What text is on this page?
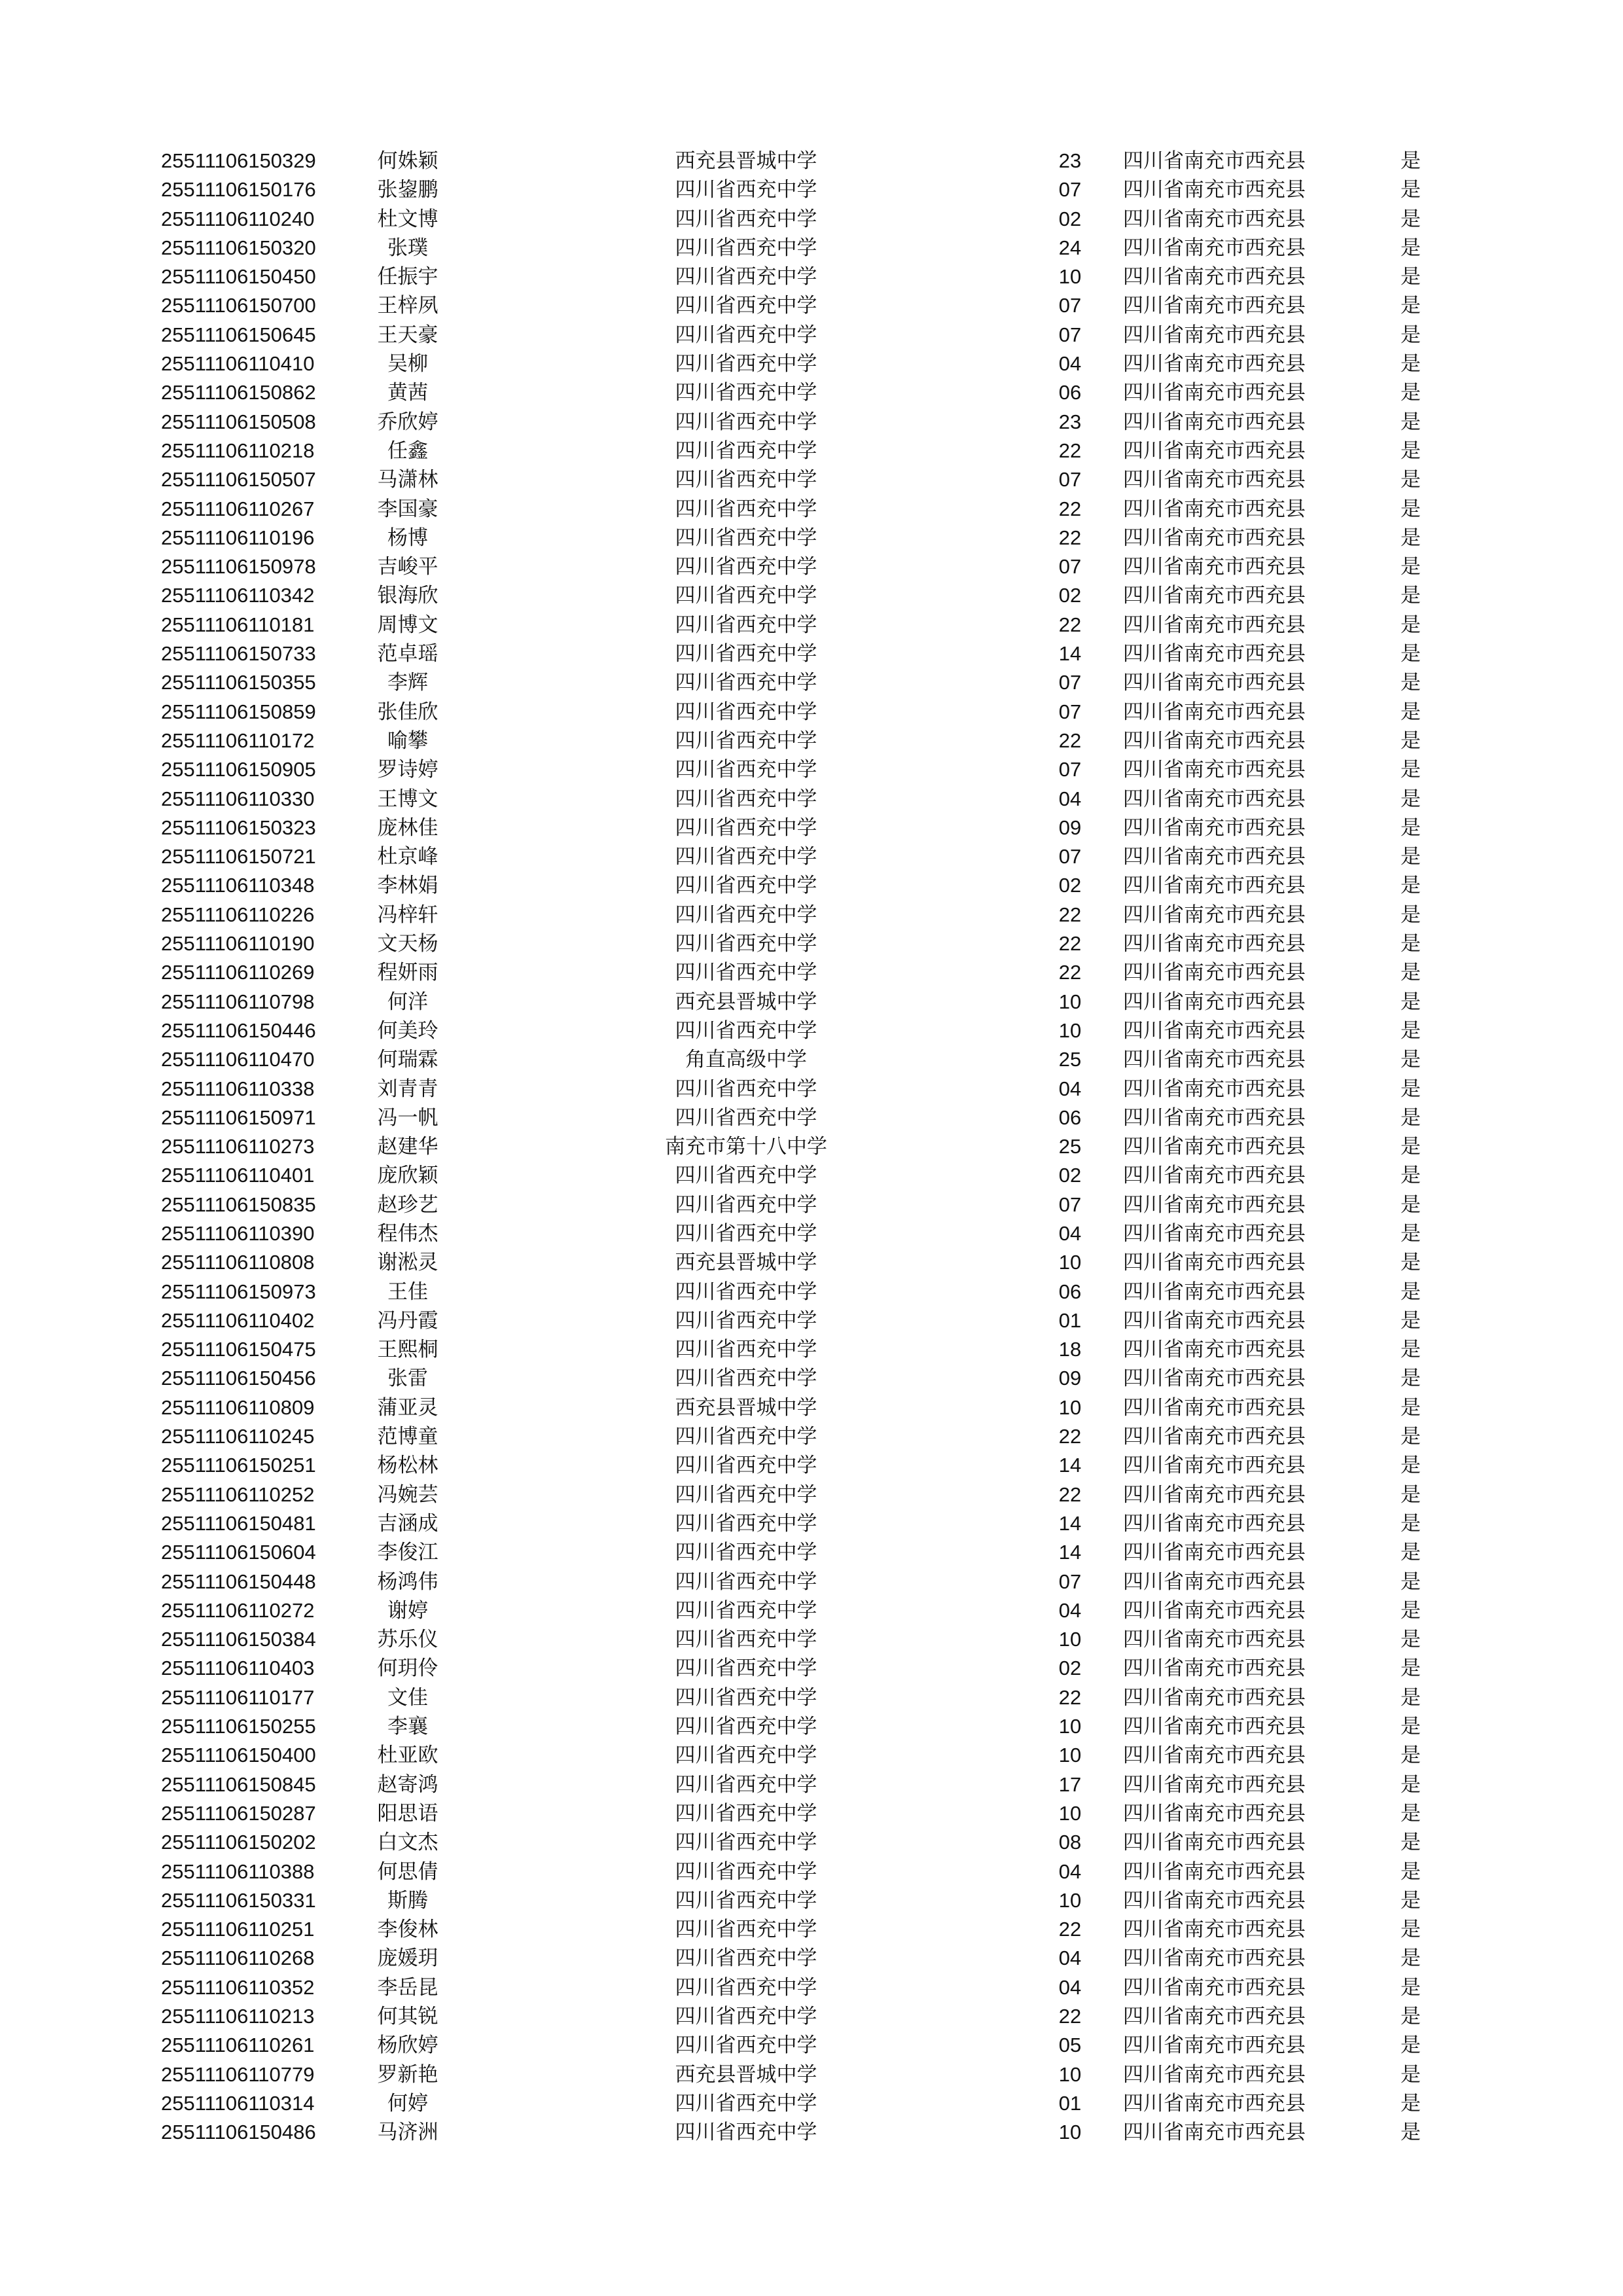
25511106150329	何姝颖	西充县晋城中学	23	四川省南充市西充县	是
25511106150176	张鋆鹏	四川省西充中学	07	四川省南充市西充县	是
25511106110240	杜文博	四川省西充中学	02	四川省南充市西充县	是
25511106150320	张璞	四川省西充中学	24	四川省南充市西充县	是
25511106150450	任振宇	四川省西充中学	10	四川省南充市西充县	是
25511106150700	王梓夙	四川省西充中学	07	四川省南充市西充县	是
25511106150645	王天豪	四川省西充中学	07	四川省南充市西充县	是
25511106110410	吴柳	四川省西充中学	04	四川省南充市西充县	是
25511106150862	黄茜	四川省西充中学	06	四川省南充市西充县	是
25511106150508	乔欣婷	四川省西充中学	23	四川省南充市西充县	是
25511106110218	任鑫	四川省西充中学	22	四川省南充市西充县	是
25511106150507	马潇林	四川省西充中学	07	四川省南充市西充县	是
25511106110267	李国豪	四川省西充中学	22	四川省南充市西充县	是
25511106110196	杨博	四川省西充中学	22	四川省南充市西充县	是
25511106150978	吉峻平	四川省西充中学	07	四川省南充市西充县	是
25511106110342	银海欣	四川省西充中学	02	四川省南充市西充县	是
25511106110181	周博文	四川省西充中学	22	四川省南充市西充县	是
25511106150733	范卓瑶	四川省西充中学	14	四川省南充市西充县	是
25511106150355	李辉	四川省西充中学	07	四川省南充市西充县	是
25511106150859	张佳欣	四川省西充中学	07	四川省南充市西充县	是
25511106110172	喻攀	四川省西充中学	22	四川省南充市西充县	是
25511106150905	罗诗婷	四川省西充中学	07	四川省南充市西充县	是
25511106110330	王博文	四川省西充中学	04	四川省南充市西充县	是
25511106150323	庞林佳	四川省西充中学	09	四川省南充市西充县	是
25511106150721	杜京峰	四川省西充中学	07	四川省南充市西充县	是
25511106110348	李林娟	四川省西充中学	02	四川省南充市西充县	是
25511106110226	冯梓轩	四川省西充中学	22	四川省南充市西充县	是
25511106110190	文天杨	四川省西充中学	22	四川省南充市西充县	是
25511106110269	程妍雨	四川省西充中学	22	四川省南充市西充县	是
25511106110798	何洋	西充县晋城中学	10	四川省南充市西充县	是
25511106150446	何美玲	四川省西充中学	10	四川省南充市西充县	是
25511106110470	何瑞霖	角直高级中学	25	四川省南充市西充县	是
25511106110338	刘青青	四川省西充中学	04	四川省南充市西充县	是
25511106150971	冯一帆	四川省西充中学	06	四川省南充市西充县	是
25511106110273	赵建华	南充市第十八中学	25	四川省南充市西充县	是
25511106110401	庞欣颖	四川省西充中学	02	四川省南充市西充县	是
25511106150835	赵珍艺	四川省西充中学	07	四川省南充市西充县	是
25511106110390	程伟杰	四川省西充中学	04	四川省南充市西充县	是
25511106110808	谢淞灵	西充县晋城中学	10	四川省南充市西充县	是
25511106150973	王佳	四川省西充中学	06	四川省南充市西充县	是
25511106110402	冯丹霞	四川省西充中学	01	四川省南充市西充县	是
25511106150475	王熙桐	四川省西充中学	18	四川省南充市西充县	是
25511106150456	张雷	四川省西充中学	09	四川省南充市西充县	是
25511106110809	蒲亚灵	西充县晋城中学	10	四川省南充市西充县	是
25511106110245	范博童	四川省西充中学	22	四川省南充市西充县	是
25511106150251	杨松林	四川省西充中学	14	四川省南充市西充县	是
25511106110252	冯婉芸	四川省西充中学	22	四川省南充市西充县	是
25511106150481	吉涵成	四川省西充中学	14	四川省南充市西充县	是
25511106150604	李俊江	四川省西充中学	14	四川省南充市西充县	是
25511106150448	杨鸿伟	四川省西充中学	07	四川省南充市西充县	是
25511106110272	谢婷	四川省西充中学	04	四川省南充市西充县	是
25511106150384	苏乐仪	四川省西充中学	10	四川省南充市西充县	是
25511106110403	何玥伶	四川省西充中学	02	四川省南充市西充县	是
25511106110177	文佳	四川省西充中学	22	四川省南充市西充县	是
25511106150255	李襄	四川省西充中学	10	四川省南充市西充县	是
25511106150400	杜亚欧	四川省西充中学	10	四川省南充市西充县	是
25511106150845	赵寄鸿	四川省西充中学	17	四川省南充市西充县	是
25511106150287	阳思语	四川省西充中学	10	四川省南充市西充县	是
25511106150202	白文杰	四川省西充中学	08	四川省南充市西充县	是
25511106110388	何思倩	四川省西充中学	04	四川省南充市西充县	是
25511106150331	斯腾	四川省西充中学	10	四川省南充市西充县	是
25511106110251	李俊林	四川省西充中学	22	四川省南充市西充县	是
25511106110268	庞媛玥	四川省西充中学	04	四川省南充市西充县	是
25511106110352	李岳昆	四川省西充中学	04	四川省南充市西充县	是
25511106110213	何其锐	四川省西充中学	22	四川省南充市西充县	是
25511106110261	杨欣婷	四川省西充中学	05	四川省南充市西充县	是
25511106110779	罗新艳	西充县晋城中学	10	四川省南充市西充县	是
25511106110314	何婷	四川省西充中学	01	四川省南充市西充县	是
25511106150486	马济洲	四川省西充中学	10	四川省南充市西充县	是
